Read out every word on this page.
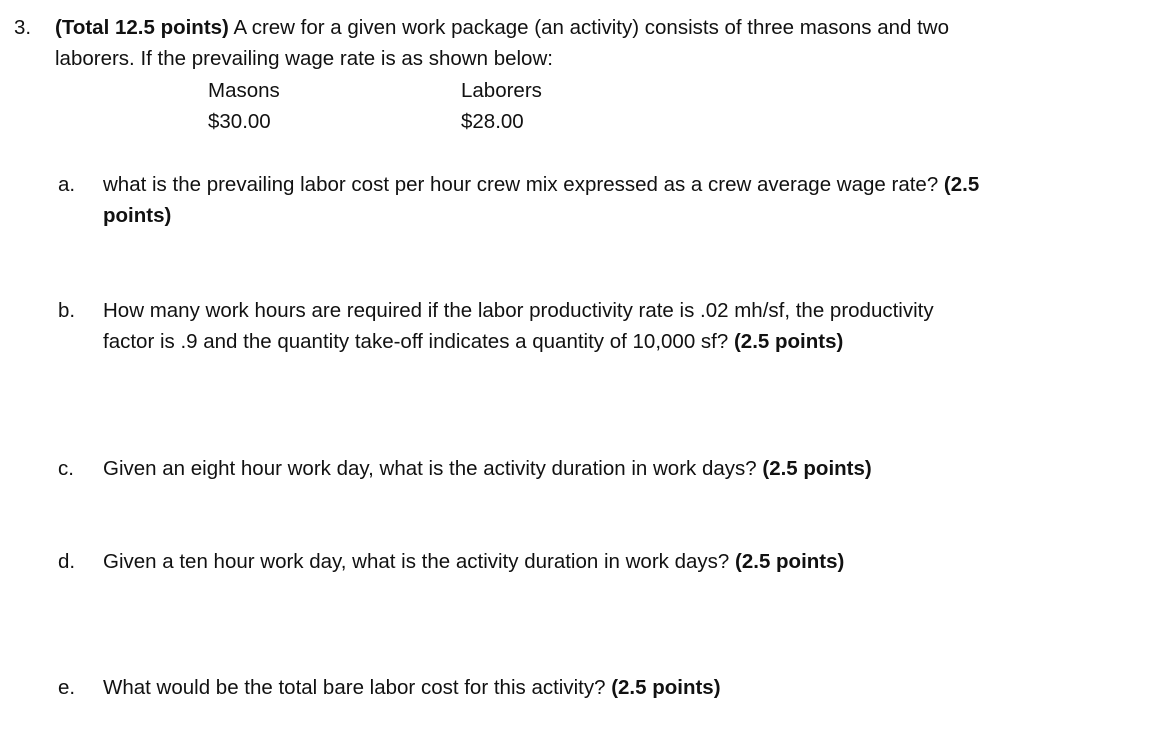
3. (Total 12.5 points) A crew for a given work package (an activity) consists of three masons and two
laborers. If the prevailing wage rate is as shown below:
Masons	Laborers
$30.00	$28.00
a. what is the prevailing labor cost per hour crew mix expressed as a crew average wage rate? (2.5
points)
b. How many work hours are required if the labor productivity rate is .02 mh/sf, the productivity
factor is .9 and the quantity take-off indicates a quantity of 10,000 sf? (2.5 points)
c. Given an eight hour work day, what is the activity duration in work days? (2.5 points)
d. Given a ten hour work day, what is the activity duration in work days? (2.5 points)
e. What would be the total bare labor cost for this activity? (2.5 points)
